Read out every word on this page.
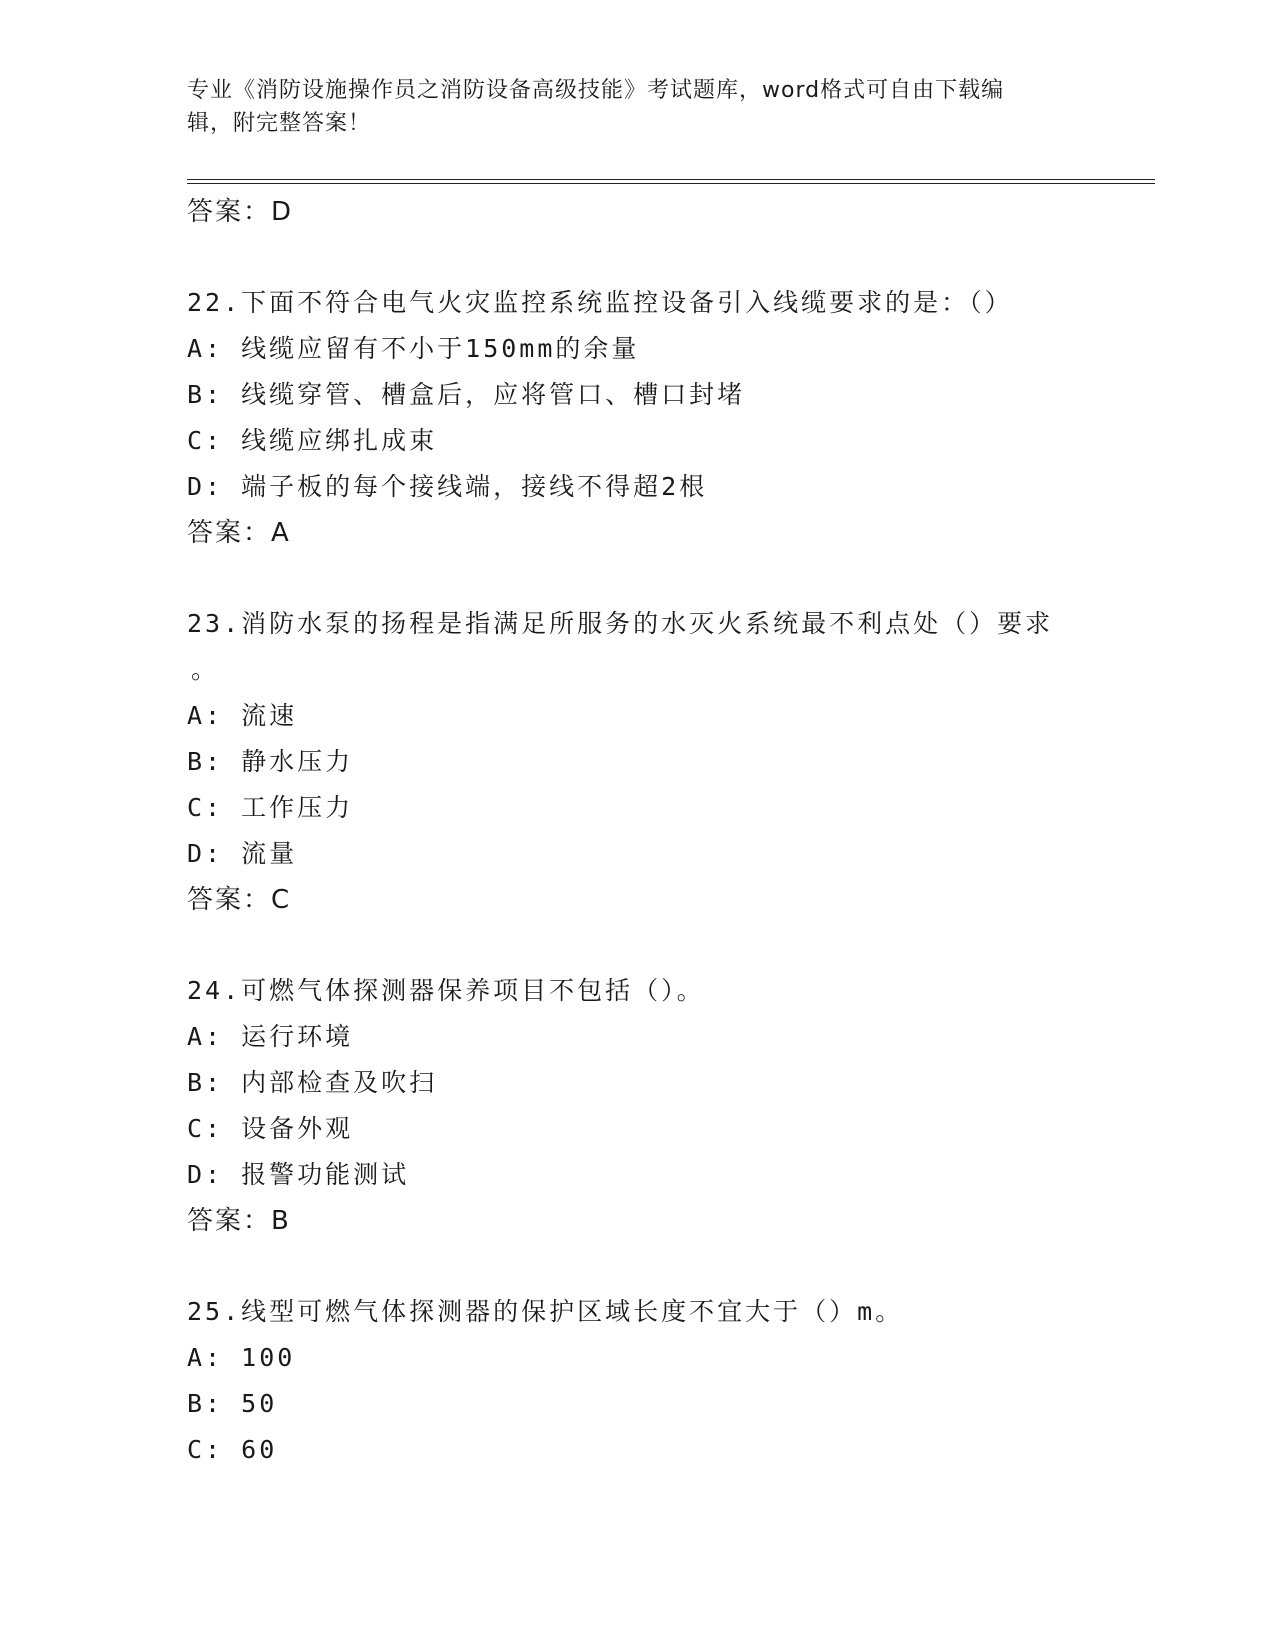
专业《消防设施操作员之消防设备高级技能》考试题库，word格式可自由下载编
辑，附完整答案！
答案：D
22.下面不符合电气火灾监控系统监控设备引入线缆要求的是：（）
A: 线缆应留有不小于150mm的余量
B: 线缆穿管、槽盒后，应将管口、槽口封堵
C: 线缆应绑扎成束
D: 端子板的每个接线端，接线不得超2根
答案：A
23.消防水泵的扬程是指满足所服务的水灭火系统最不利点处（）要求
。
A: 流速
B: 静水压力
C: 工作压力
D: 流量
答案：C
24.可燃气体探测器保养项目不包括（）。
A: 运行环境
B: 内部检查及吹扫
C: 设备外观
D: 报警功能测试
答案：B
25.线型可燃气体探测器的保护区域长度不宜大于（）m。
A: 100
B: 50
C: 60
